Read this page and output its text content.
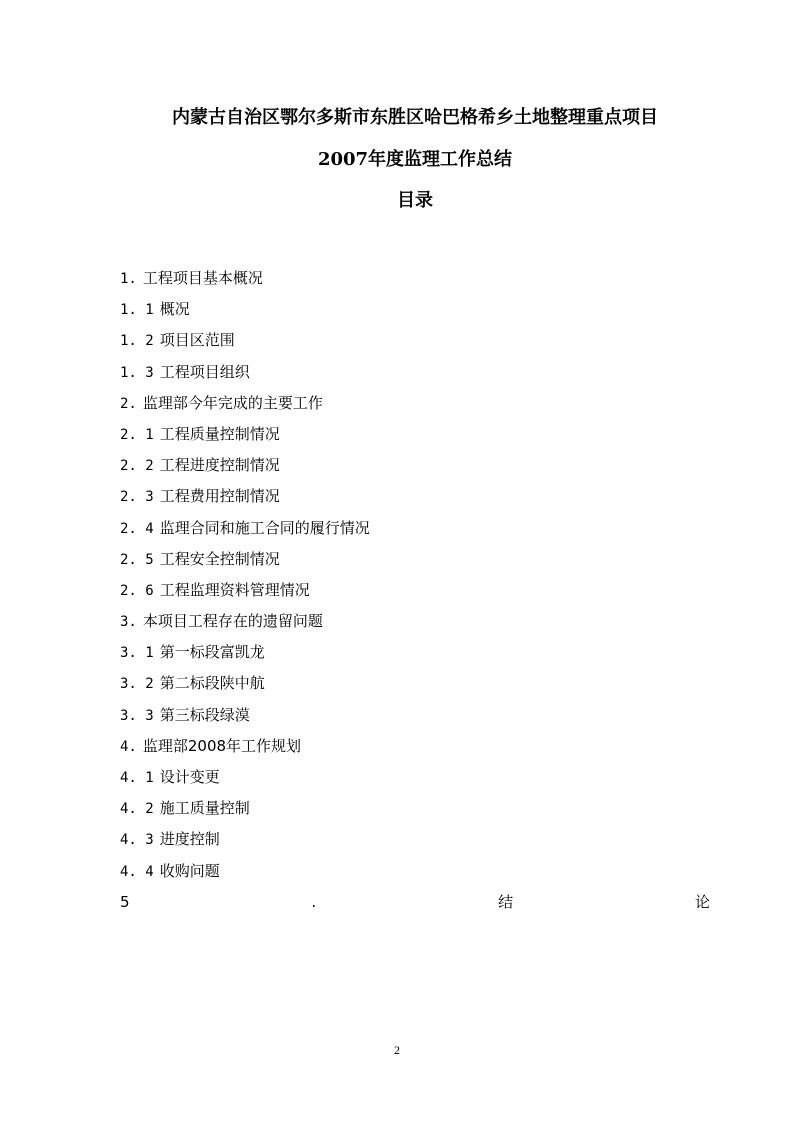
内蒙古自治区鄂尔多斯市东胜区哈巴格希乡土地整理重点项目
2007年度监理工作总结
目录
1. 工程项目基本概况
1. 1 概况
1. 2 项目区范围
1. 3 工程项目组织
2. 监理部今年完成的主要工作
2. 1 工程质量控制情况
2. 2 工程进度控制情况
2. 3 工程费用控制情况
2. 4 监理合同和施工合同的履行情况
2. 5 工程安全控制情况
2. 6 工程监理资料管理情况
3. 本项目工程存在的遗留问题
3. 1 第一标段富凯龙
3. 2 第二标段陕中航
3. 3 第三标段绿漠
4. 监理部2008年工作规划
4. 1 设计变更
4. 2 施工质量控制
4. 3 进度控制
4. 4 收购问题
5	.	结	论
2
